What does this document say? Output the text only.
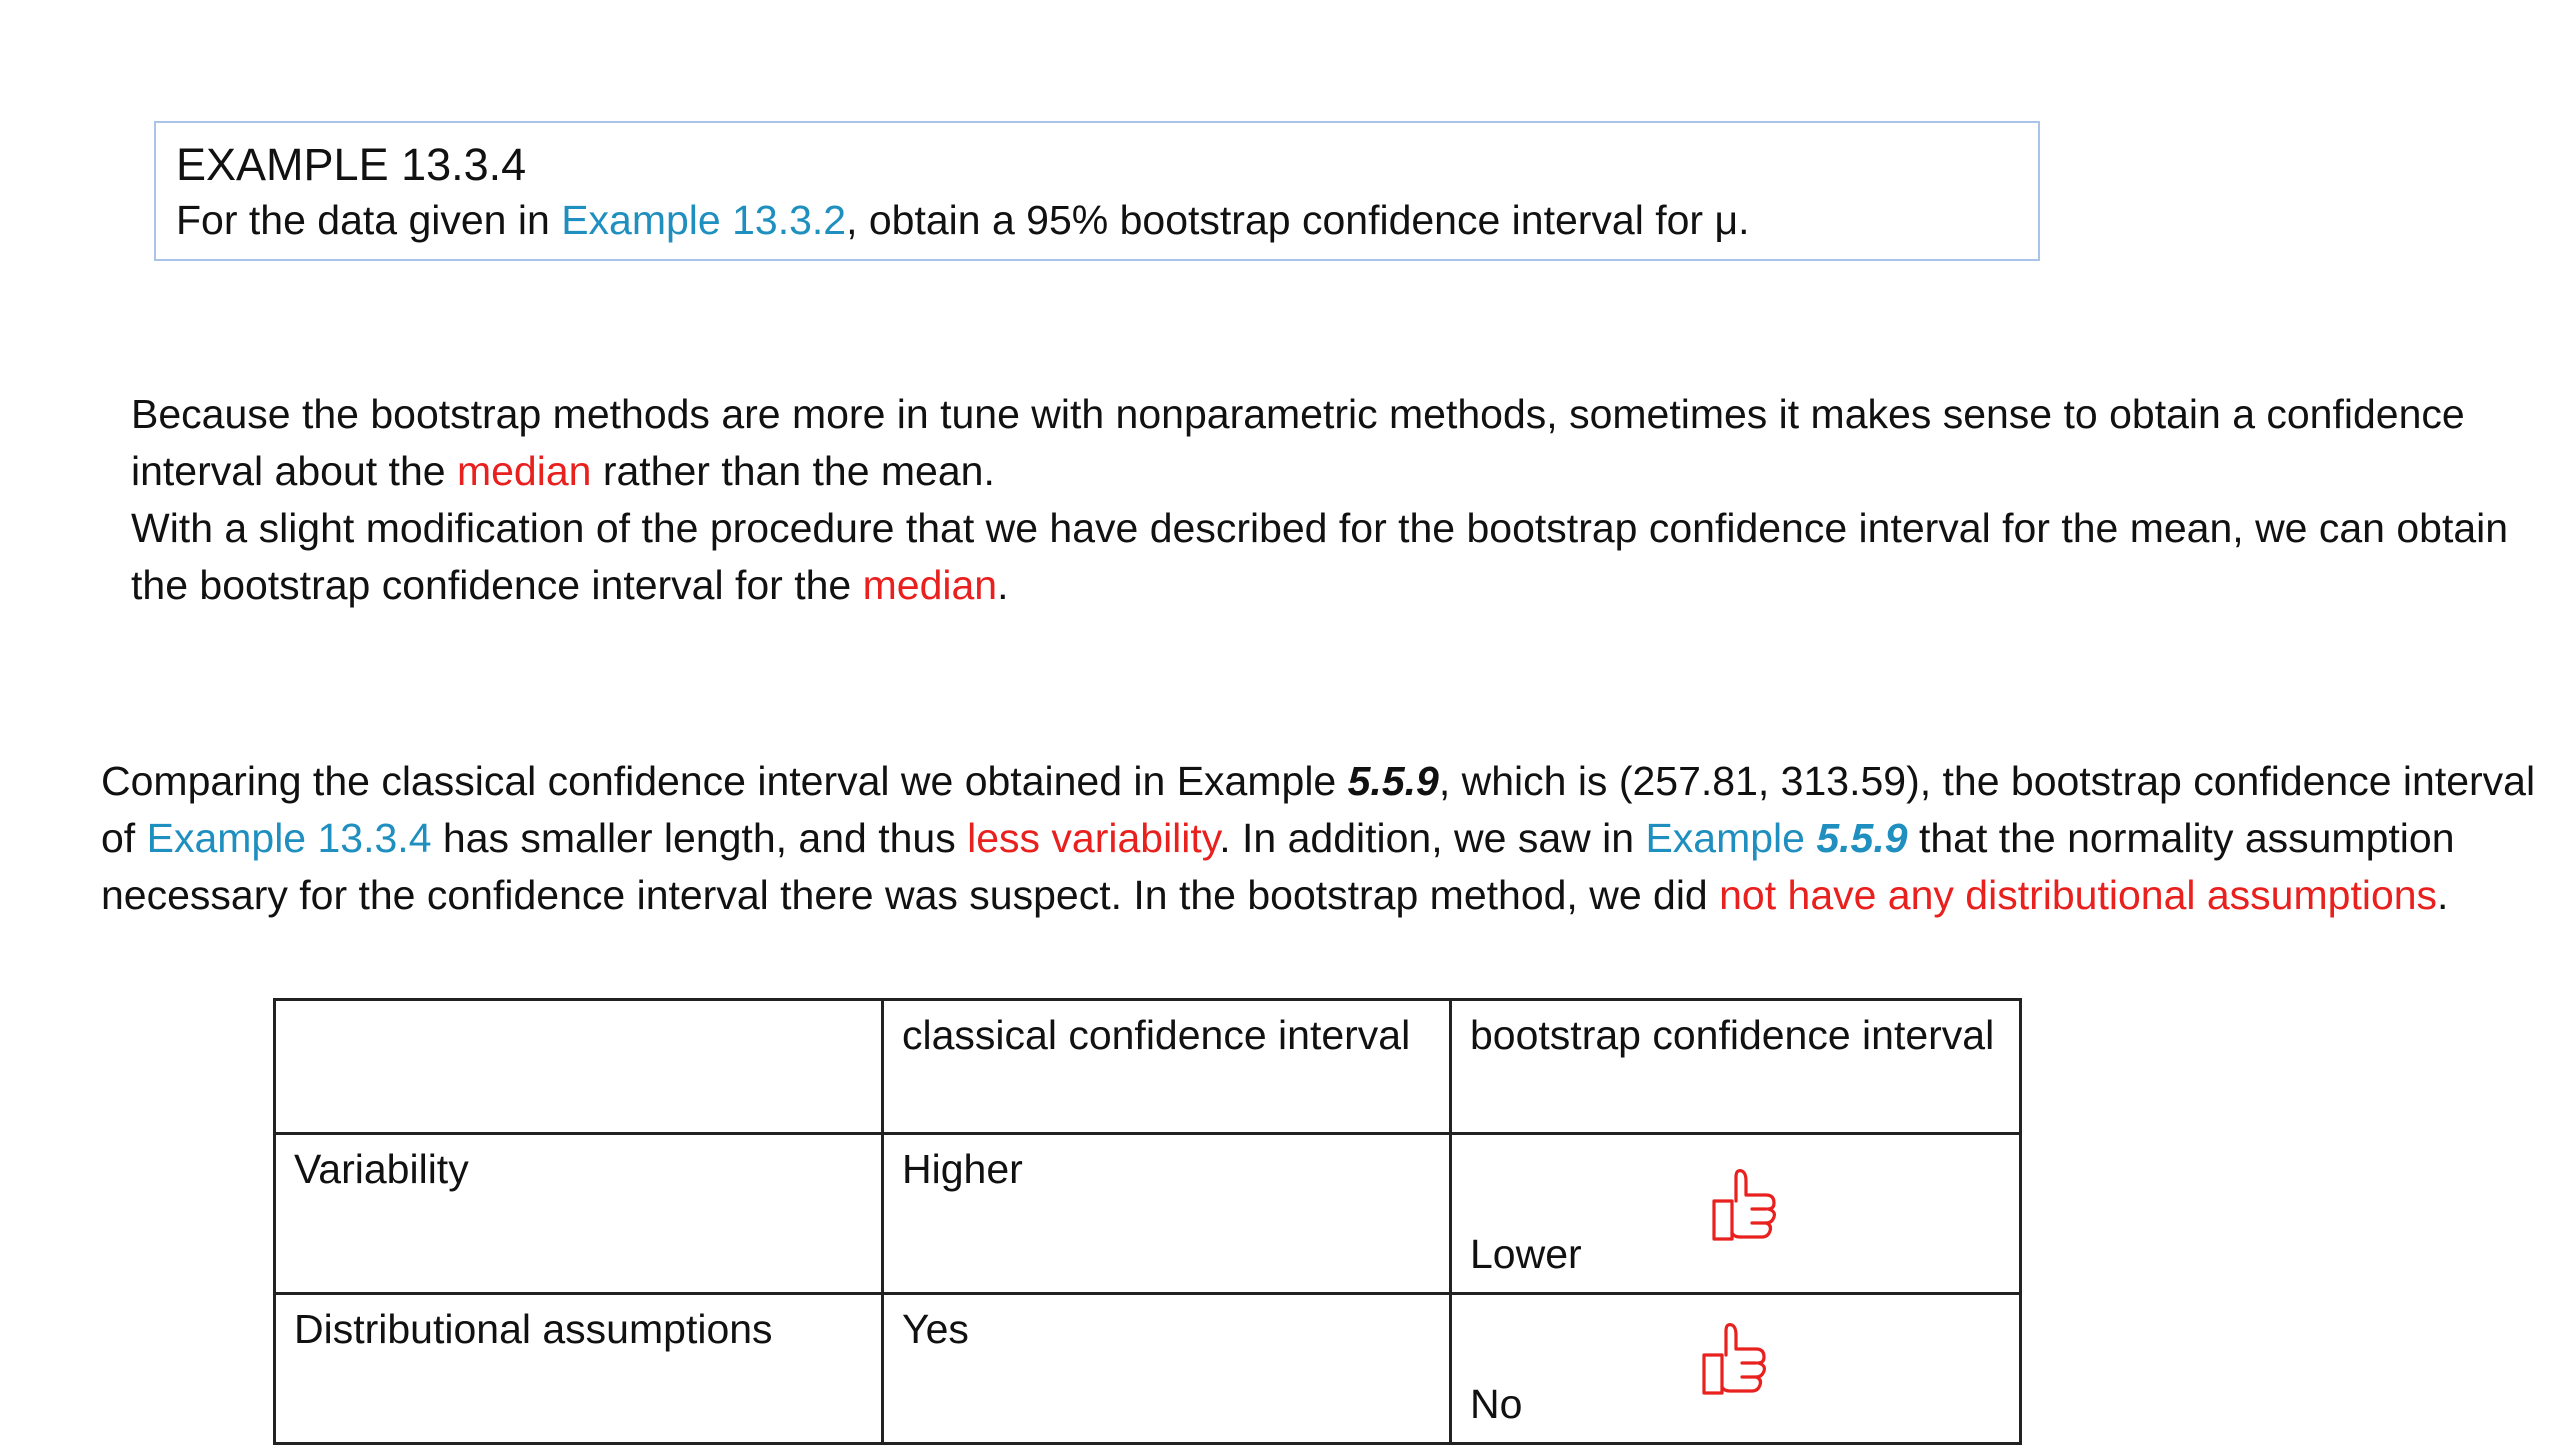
EXAMPLE 13.3.4
For the data given in Example 13.3.2, obtain a 95% bootstrap confidence interval for μ.
Because the bootstrap methods are more in tune with nonparametric methods, sometimes it makes sense to obtain a confidence interval about the median rather than the mean.
With a slight modification of the procedure that we have described for the bootstrap confidence interval for the mean, we can obtain the bootstrap confidence interval for the median.
Comparing the classical confidence interval we obtained in Example 5.5.9, which is (257.81, 313.59), the bootstrap confidence interval of Example 13.3.4 has smaller length, and thus less variability. In addition, we saw in Example 5.5.9 that the normality assumption necessary for the confidence interval there was suspect. In the bootstrap method, we did not have any distributional assumptions.
	classical confidence interval	bootstrap confidence interval
Variability	Higher	Lower

Distributional assumptions	Yes	No
